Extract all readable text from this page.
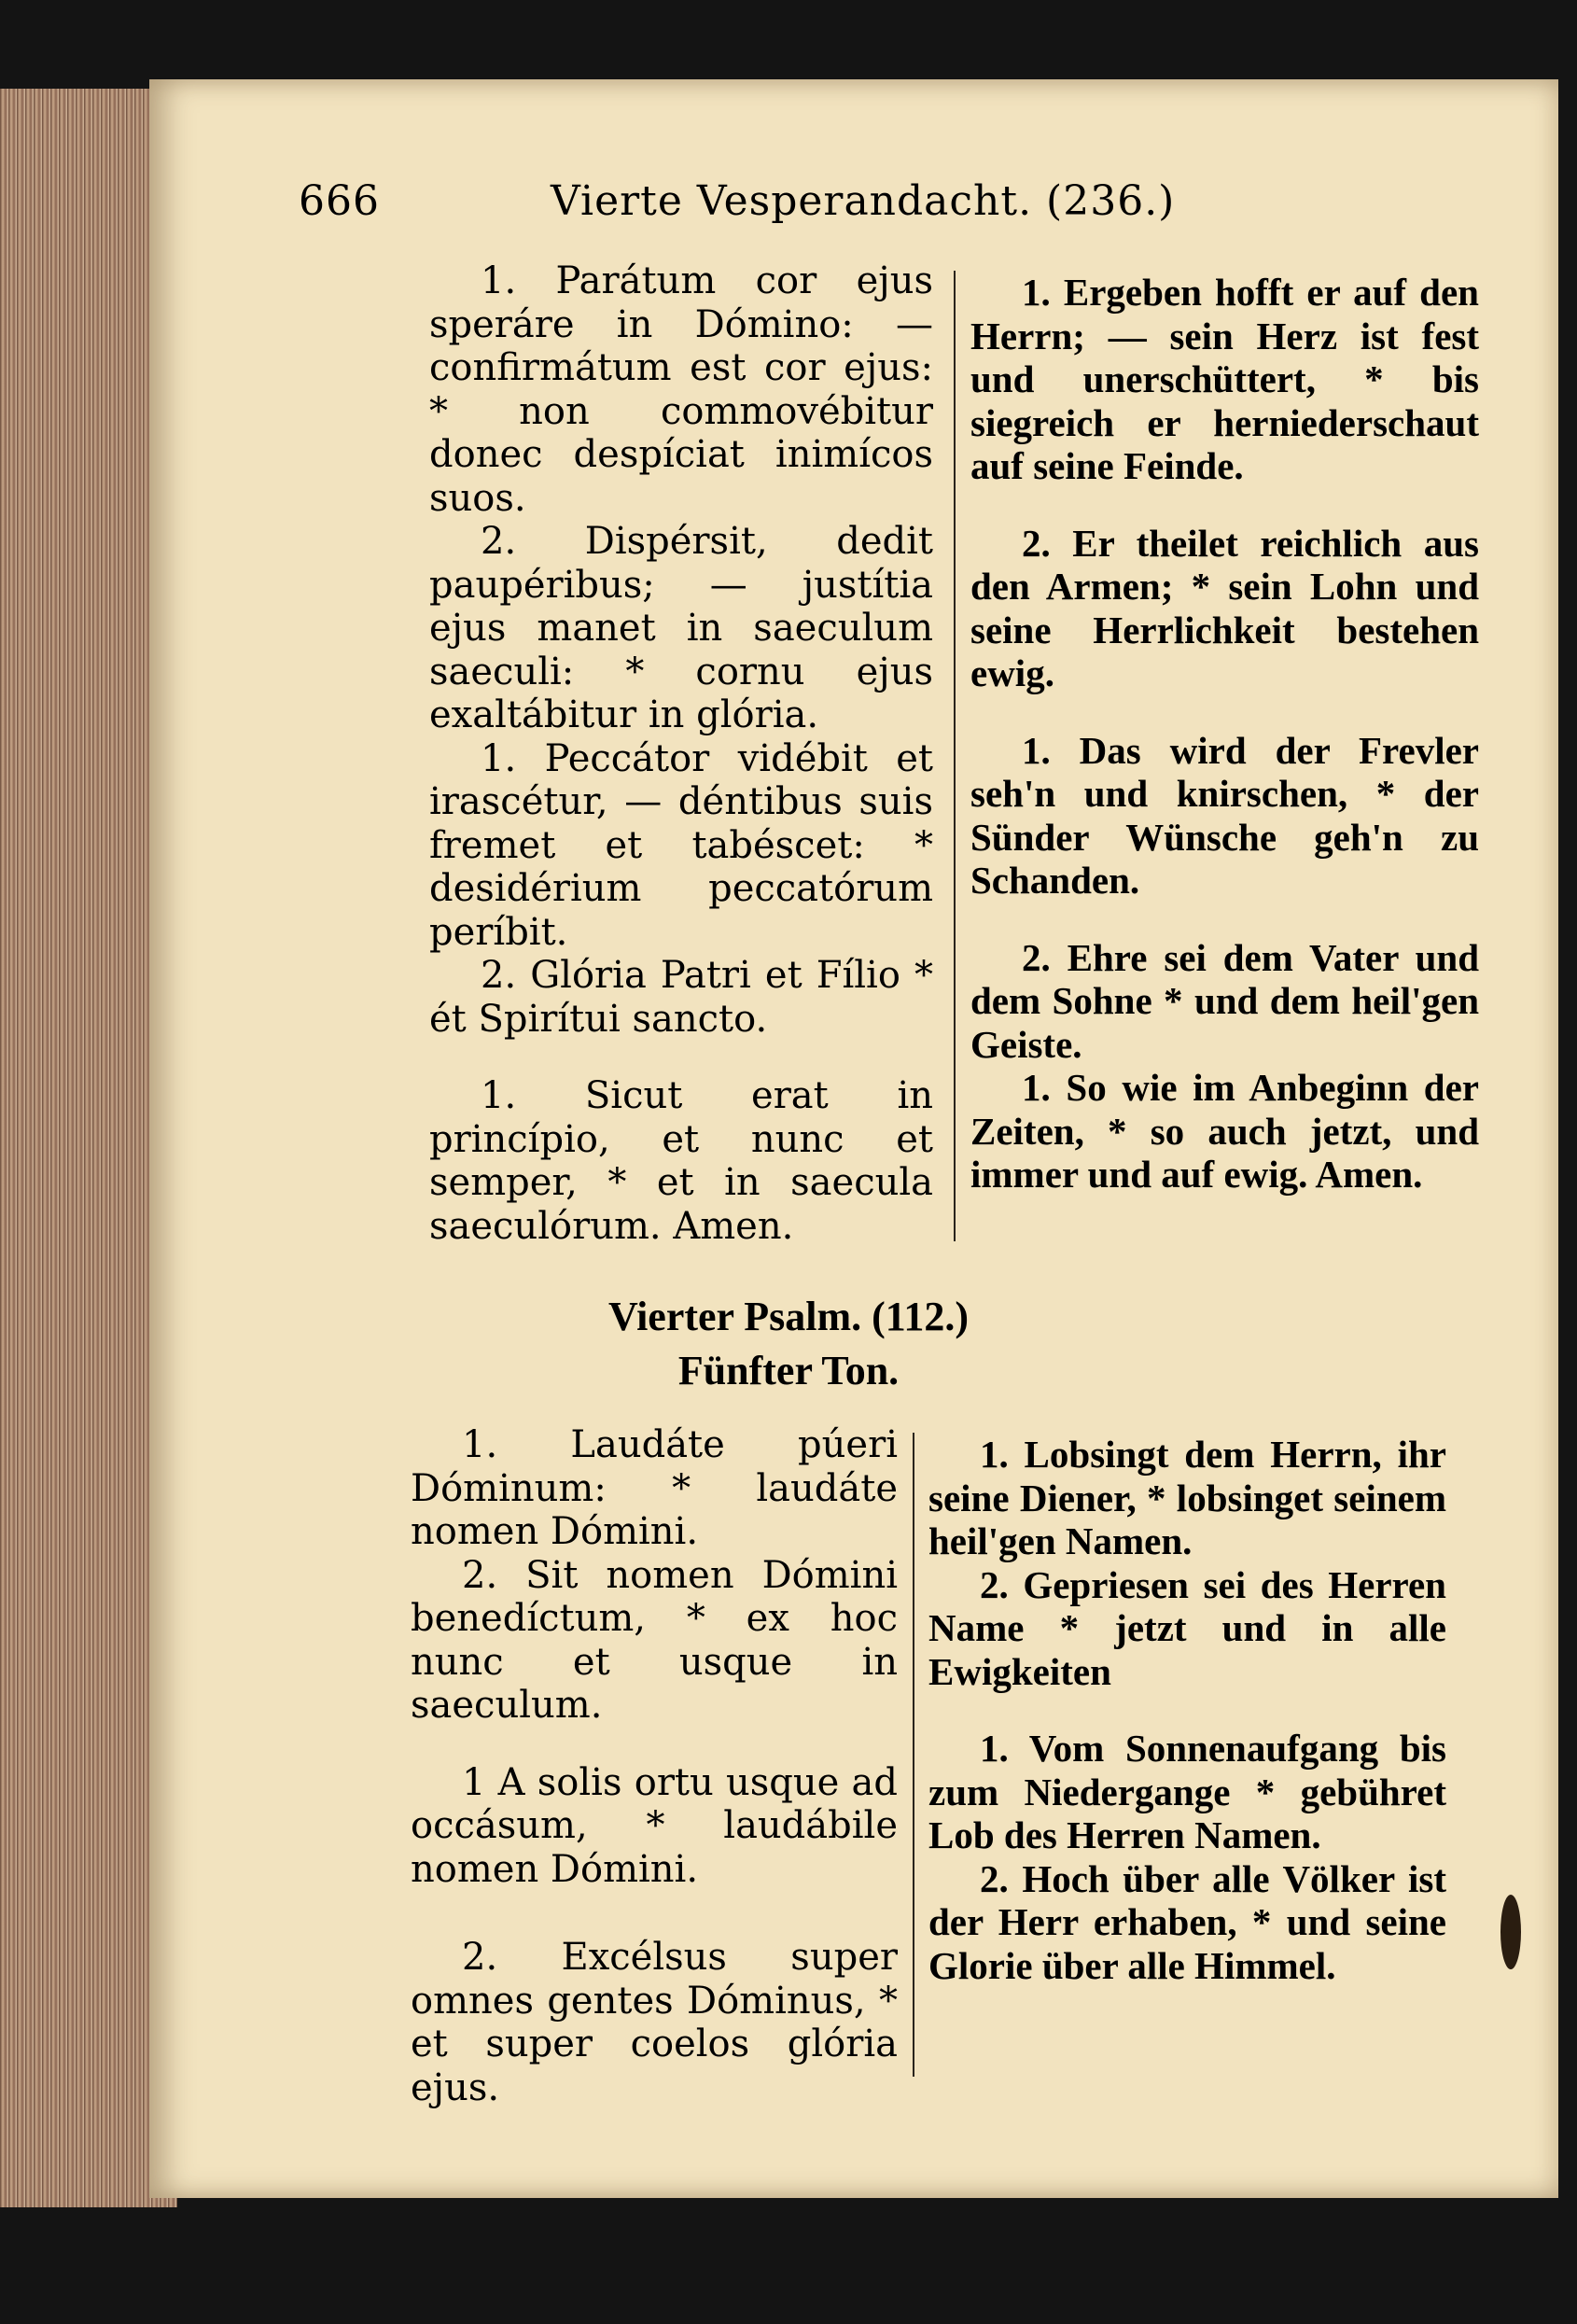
666	Vierte Vesperandacht. (236.)

1. Parátum cor ejus speráre in Dómino: — confirmátum est cor ejus: * non commovébitur donec despíciat inimícos suos.

2. Dispérsit, dedit paupéribus; — justítia ejus manet in saeculum saeculi: * cornu ejus exaltábitur in glória.

1. Peccátor vidébit et irascétur, — déntibus suis fremet et tabéscet: * desidérium peccatórum períbit.

2. Glória Patri et Fílio * ét Spirítui sancto.

1. Sicut erat in princípio, et nunc et semper, * et in saecula saeculórum. Amen.

1. Ergeben hofft er auf den Herrn; — sein Herz ist fest und unerschüttert, * bis siegreich er herniederschaut auf seine Feinde.

2. Er theilet reichlich aus den Armen; * sein Lohn und seine Herrlichkeit bestehen ewig.

1. Das wird der Frevler seh'n und knirschen, * der Sünder Wünsche geh'n zu Schanden.

2. Ehre sei dem Vater und dem Sohne * und dem heil'gen Geiste.

1. So wie im Anbeginn der Zeiten, * so auch jetzt, und immer und auf ewig. Amen.

Vierter Psalm. (112.)
Fünfter Ton.

1. Laudáte púeri Dóminum: * laudáte nomen Dómini.

2. Sit nomen Dómini benedíctum, * ex hoc nunc et usque in saeculum.

1 A solis ortu usque ad occásum, * laudábile nomen Dómini.

2. Excélsus super omnes gentes Dóminus, * et super coelos glória ejus.

1. Lobsingt dem Herrn, ihr seine Diener, * lobsinget seinem heil'gen Namen.

2. Gepriesen sei des Herren Name * jetzt und in alle Ewigkeiten

1. Vom Sonnenaufgang bis zum Niedergange * gebühret Lob des Herren Namen.

2. Hoch über alle Völker ist der Herr erhaben, * und seine Glorie über alle Himmel.
